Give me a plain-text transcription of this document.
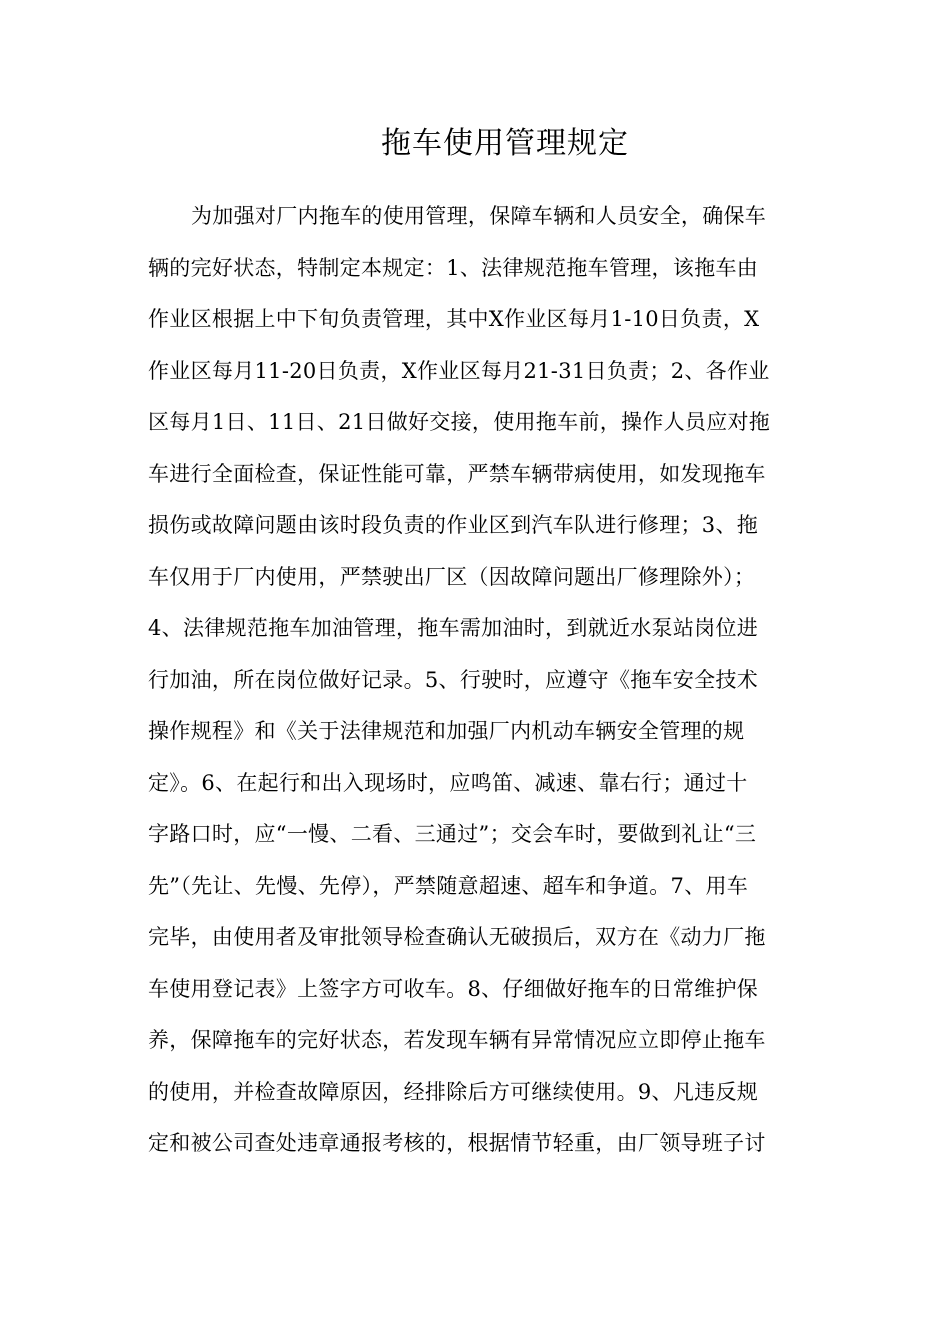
拖车使用管理规定
为加强对厂内拖车的使用管理，保障车辆和人员安全，确保车
辆的完好状态，特制定本规定：1、法律规范拖车管理，该拖车由
作业区根据上中下旬负责管理，其中X作业区每月1-10日负责，X
作业区每月11-20日负责，X作业区每月21-31日负责；2、各作业
区每月1日、11日、21日做好交接，使用拖车前，操作人员应对拖
车进行全面检查，保证性能可靠，严禁车辆带病使用，如发现拖车
损伤或故障问题由该时段负责的作业区到汽车队进行修理；3、拖
车仅用于厂内使用，严禁驶出厂区（因故障问题出厂修理除外）；
4、法律规范拖车加油管理，拖车需加油时，到就近水泵站岗位进
行加油，所在岗位做好记录。5、行驶时，应遵守《拖车安全技术
操作规程》和《关于法律规范和加强厂内机动车辆安全管理的规
定》。6、在起行和出入现场时，应鸣笛、减速、靠右行；通过十
字路口时，应“一慢、二看、三通过”；交会车时，要做到礼让“三
先”（先让、先慢、先停），严禁随意超速、超车和争道。7、用车
完毕，由使用者及审批领导检查确认无破损后，双方在《动力厂拖
车使用登记表》上签字方可收车。8、仔细做好拖车的日常维护保
养，保障拖车的完好状态，若发现车辆有异常情况应立即停止拖车
的使用，并检查故障原因，经排除后方可继续使用。9、凡违反规
定和被公司查处违章通报考核的，根据情节轻重，由厂领导班子讨
